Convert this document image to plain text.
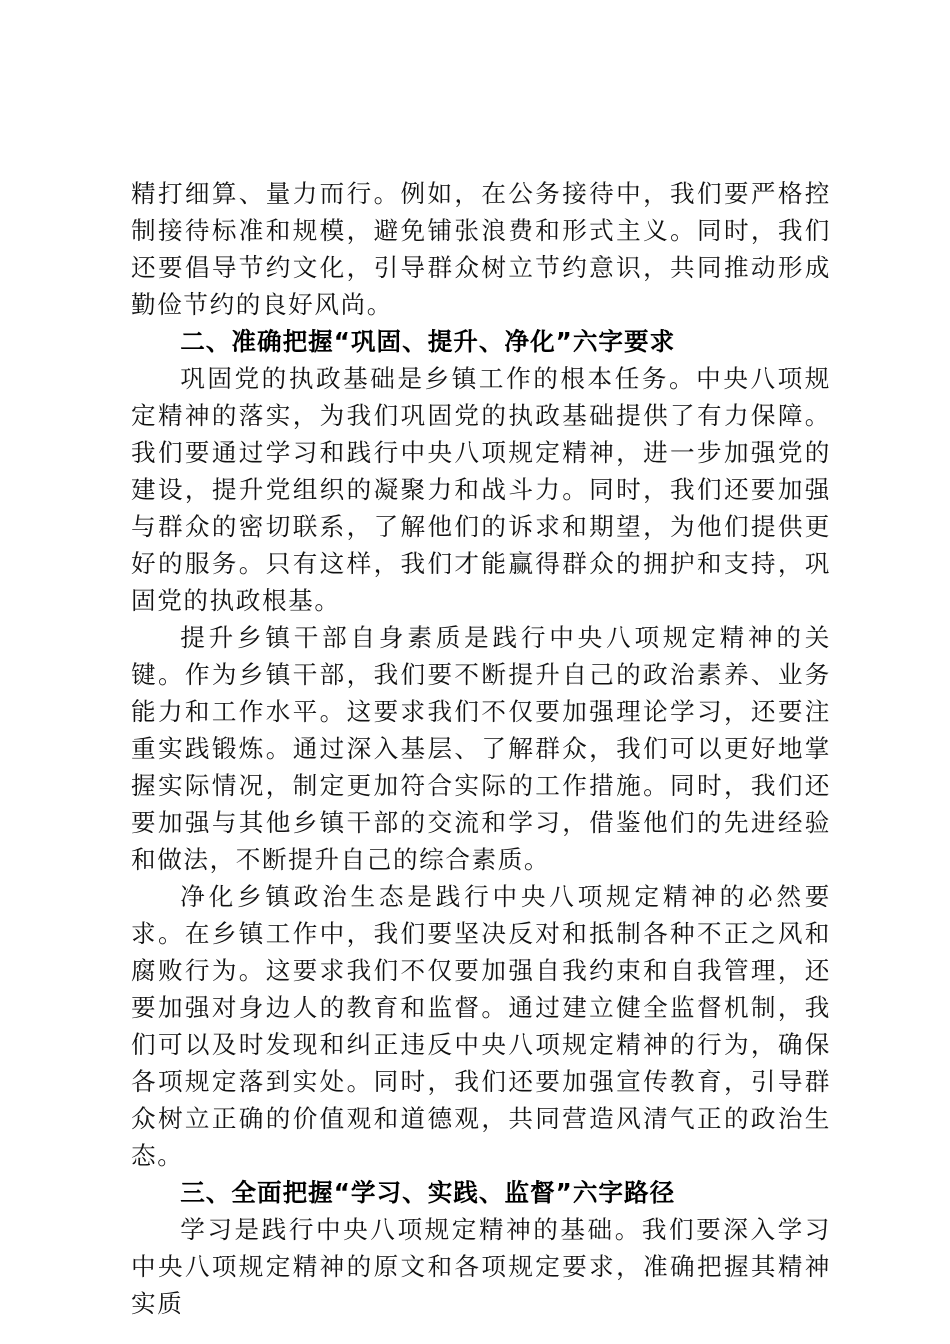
精打细算、量力而行。例如，在公务接待中，我们要严格控制接待标准和规模，避免铺张浪费和形式主义。同时，我们还要倡导节约文化，引导群众树立节约意识，共同推动形成勤俭节约的良好风尚。

二、准确把握“巩固、提升、净化”六字要求

巩固党的执政基础是乡镇工作的根本任务。中央八项规定精神的落实，为我们巩固党的执政基础提供了有力保障。我们要通过学习和践行中央八项规定精神，进一步加强党的建设，提升党组织的凝聚力和战斗力。同时，我们还要加强与群众的密切联系，了解他们的诉求和期望，为他们提供更好的服务。只有这样，我们才能赢得群众的拥护和支持，巩固党的执政根基。

提升乡镇干部自身素质是践行中央八项规定精神的关键。作为乡镇干部，我们要不断提升自己的政治素养、业务能力和工作水平。这要求我们不仅要加强理论学习，还要注重实践锻炼。通过深入基层、了解群众，我们可以更好地掌握实际情况，制定更加符合实际的工作措施。同时，我们还要加强与其他乡镇干部的交流和学习，借鉴他们的先进经验和做法，不断提升自己的综合素质。

净化乡镇政治生态是践行中央八项规定精神的必然要求。在乡镇工作中，我们要坚决反对和抵制各种不正之风和腐败行为。这要求我们不仅要加强自我约束和自我管理，还要加强对身边人的教育和监督。通过建立健全监督机制，我们可以及时发现和纠正违反中央八项规定精神的行为，确保各项规定落到实处。同时，我们还要加强宣传教育，引导群众树立正确的价值观和道德观，共同营造风清气正的政治生态。

三、全面把握“学习、实践、监督”六字路径

学习是践行中央八项规定精神的基础。我们要深入学习中央八项规定精神的原文和各项规定要求，准确把握其精神实质
